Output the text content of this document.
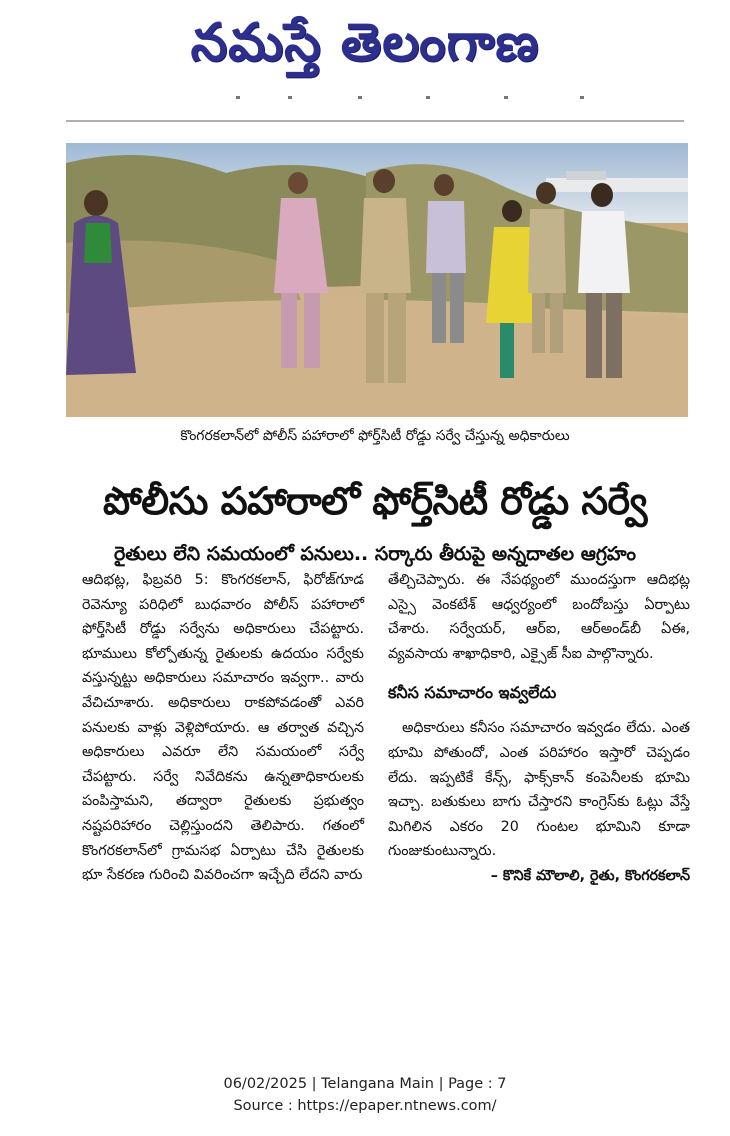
నమస్తే తెలంగాణ
కొంగరకలాన్‌లో పోలీస్‌ పహారాలో ఫోర్త్‌సిటీ రోడ్డు సర్వే చేస్తున్న అధికారులు
పోలీసు పహారాలో ఫోర్త్‌సిటీ రోడ్డు సర్వే
రైతులు లేని సమయంలో పనులు.. సర్కారు తీరుపై అన్నదాతల ఆగ్రహం

ఆదిభట్ల, ఫిబ్రవరి 5: కొంగరకలాన్‌, ఫిరోజ్‌గూడ రెవెన్యూ పరిధిలో బుధవారం పోలీస్‌ పహారాలో ఫోర్త్‌సిటీ రోడ్డు సర్వేను అధికారులు చేపట్టారు. భూములు కోల్పోతున్న రైతులకు ఉదయం సర్వేకు వస్తున్నట్టు అధికారులు సమాచారం ఇవ్వగా.. వారు వేచిచూశారు. అధికారులు రాకపోవడంతో ఎవరి పనులకు వాళ్లు వెళ్లిపోయారు. ఆ తర్వాత వచ్చిన అధికారులు ఎవరూ లేని సమయంలో సర్వే చేపట్టారు. సర్వే నివేదికను ఉన్నతాధికారులకు పంపిస్తామని, తద్వారా రైతులకు ప్రభుత్వం నష్టపరిహారం చెల్లిస్తుందని తెలిపారు. గతంలో కొంగరకలాన్‌లో గ్రామసభ ఏర్పాటు చేసి రైతులకు భూ సేకరణ గురించి వివరించగా ఇచ్చేది లేదని వారు

తేల్చిచెప్పారు. ఈ నేపథ్యంలో ముందస్తుగా ఆదిభట్ల ఎస్సై వెంకటేశ్‌ ఆధ్వర్యంలో బందోబస్తు ఏర్పాటు చేశారు. సర్వేయర్‌, ఆర్‌ఐ, ఆర్‌అండ్‌బీ ఏఈ, వ్యవసాయ శాఖాధికారి, ఎక్సైజ్‌ సీఐ పాల్గొన్నారు.

కనీస సమాచారం ఇవ్వలేదు

అధికారులు కనీసం సమాచారం ఇవ్వడం లేదు. ఎంత భూమి పోతుందో, ఎంత పరిహారం ఇస్తారో చెప్పడం లేదు. ఇప్పటికే కేన్స్‌, ఫాక్స్‌కాన్‌ కంపెనీలకు భూమి ఇచ్చా. బతుకులు బాగు చేస్తారని కాంగ్రెస్‌కు ఓట్లు వేస్తే మిగిలిన ఎకరం 20 గుంటల భూమిని కూడా గుంజుకుంటున్నారు.

– కొనికే మౌలాలి, రైతు, కొంగరకలాన్‌

06/02/2025 | Telangana Main | Page : 7
Source : https://epaper.ntnews.com/
